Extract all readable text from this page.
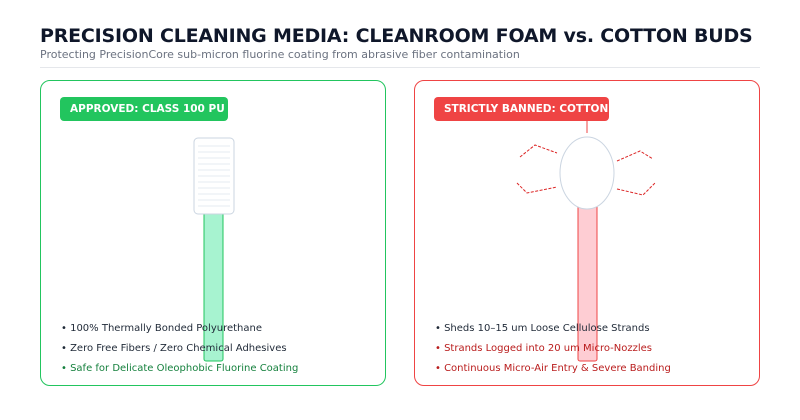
PRECISION CLEANING MEDIA: CLEANROOM FOAM vs. COTTON BUDS
Protecting PrecisionCore sub-micron fluorine coating from abrasive fiber contamination
APPROVED: CLASS 100 PU FOAM
• 100% Thermally Bonded Polyurethane
• Zero Free Fibers / Zero Chemical Adhesives
• Safe for Delicate Oleophobic Fluorine Coating
STRICTLY BANNED: COTTON BUDS
• Sheds 10–15 um Loose Cellulose Strands
• Strands Logged into 20 um Micro-Nozzles
• Continuous Micro-Air Entry & Severe Banding
